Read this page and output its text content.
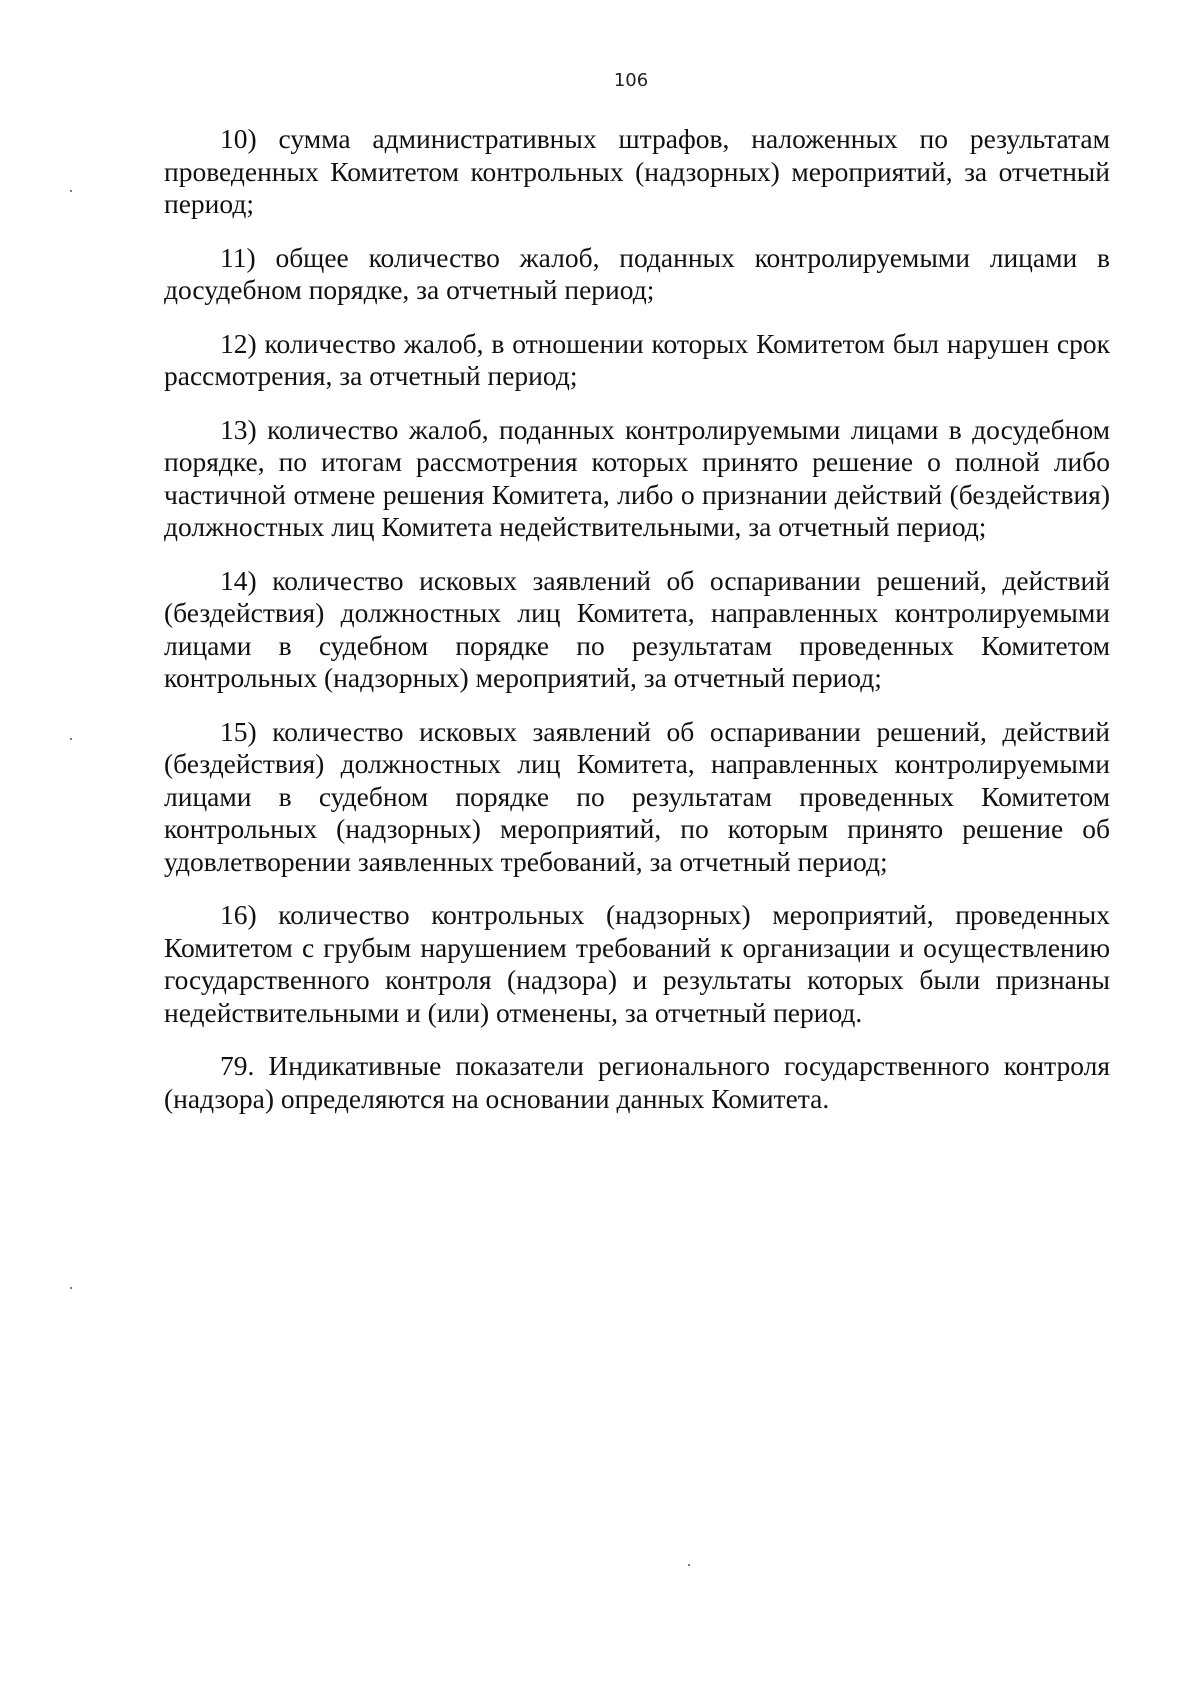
106

10) сумма административных штрафов, наложенных по результатам проведенных Комитетом контрольных (надзорных) мероприятий, за отчетный период;

11) общее количество жалоб, поданных контролируемыми лицами в досудебном порядке, за отчетный период;

12) количество жалоб, в отношении которых Комитетом был нарушен срок рассмотрения, за отчетный период;

13) количество жалоб, поданных контролируемыми лицами в досудебном порядке, по итогам рассмотрения которых принято решение о полной либо частичной отмене решения Комитета, либо о признании действий (бездействия) должностных лиц Комитета недействительными, за отчетный период;

14) количество исковых заявлений об оспаривании решений, действий (бездействия) должностных лиц Комитета, направленных контролируемыми лицами в судебном порядке по результатам проведенных Комитетом контрольных (надзорных) мероприятий, за отчетный период;

15) количество исковых заявлений об оспаривании решений, действий (бездействия) должностных лиц Комитета, направленных контролируемыми лицами в судебном порядке по результатам проведенных Комитетом контрольных (надзорных) мероприятий, по которым принято решение об удовлетворении заявленных требований, за отчетный период;

16) количество контрольных (надзорных) мероприятий, проведенных Комитетом с грубым нарушением требований к организации и осуществлению государственного контроля (надзора) и результаты которых были признаны недействительными и (или) отменены, за отчетный период.

79. Индикативные показатели регионального государственного контроля (надзора) определяются на основании данных Комитета.
